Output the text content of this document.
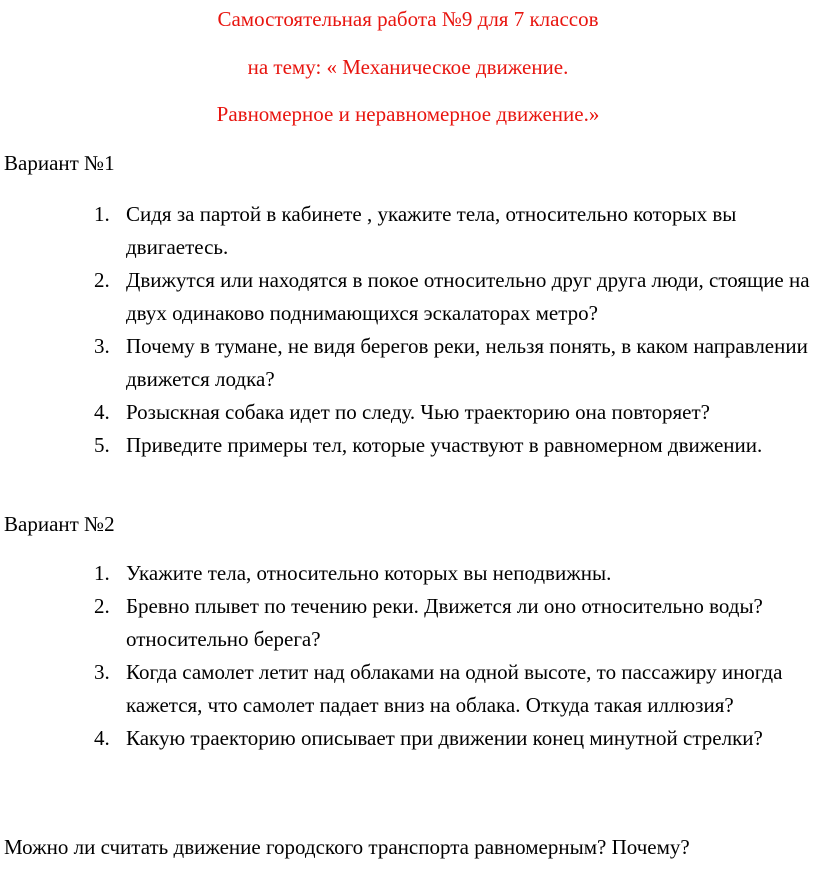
Самостоятельная работа №9 для 7 классов
на тему: « Механическое движение.
Равномерное и неравномерное движение.»
Вариант №1
1. Сидя за партой в кабинете , укажите тела, относительно которых вы двигаетесь.
2. Движутся или находятся в покое относительно друг друга люди, стоящие на двух одинаково поднимающихся эскалаторах метро?
3. Почему в тумане, не видя берегов реки, нельзя понять, в каком направлении движется лодка?
4. Розыскная собака идет по следу. Чью траекторию она повторяет?
5. Приведите примеры тел, которые участвуют в равномерном движении.
Вариант №2
1. Укажите тела, относительно которых вы неподвижны.
2. Бревно плывет по течению реки. Движется ли оно относительно воды? относительно берега?
3. Когда самолет летит над облаками на одной высоте, то пассажиру иногда кажется, что самолет падает вниз на облака. Откуда такая иллюзия?
4. Какую траекторию описывает при движении конец минутной стрелки?
Можно ли считать движение городского транспорта равномерным? Почему?
